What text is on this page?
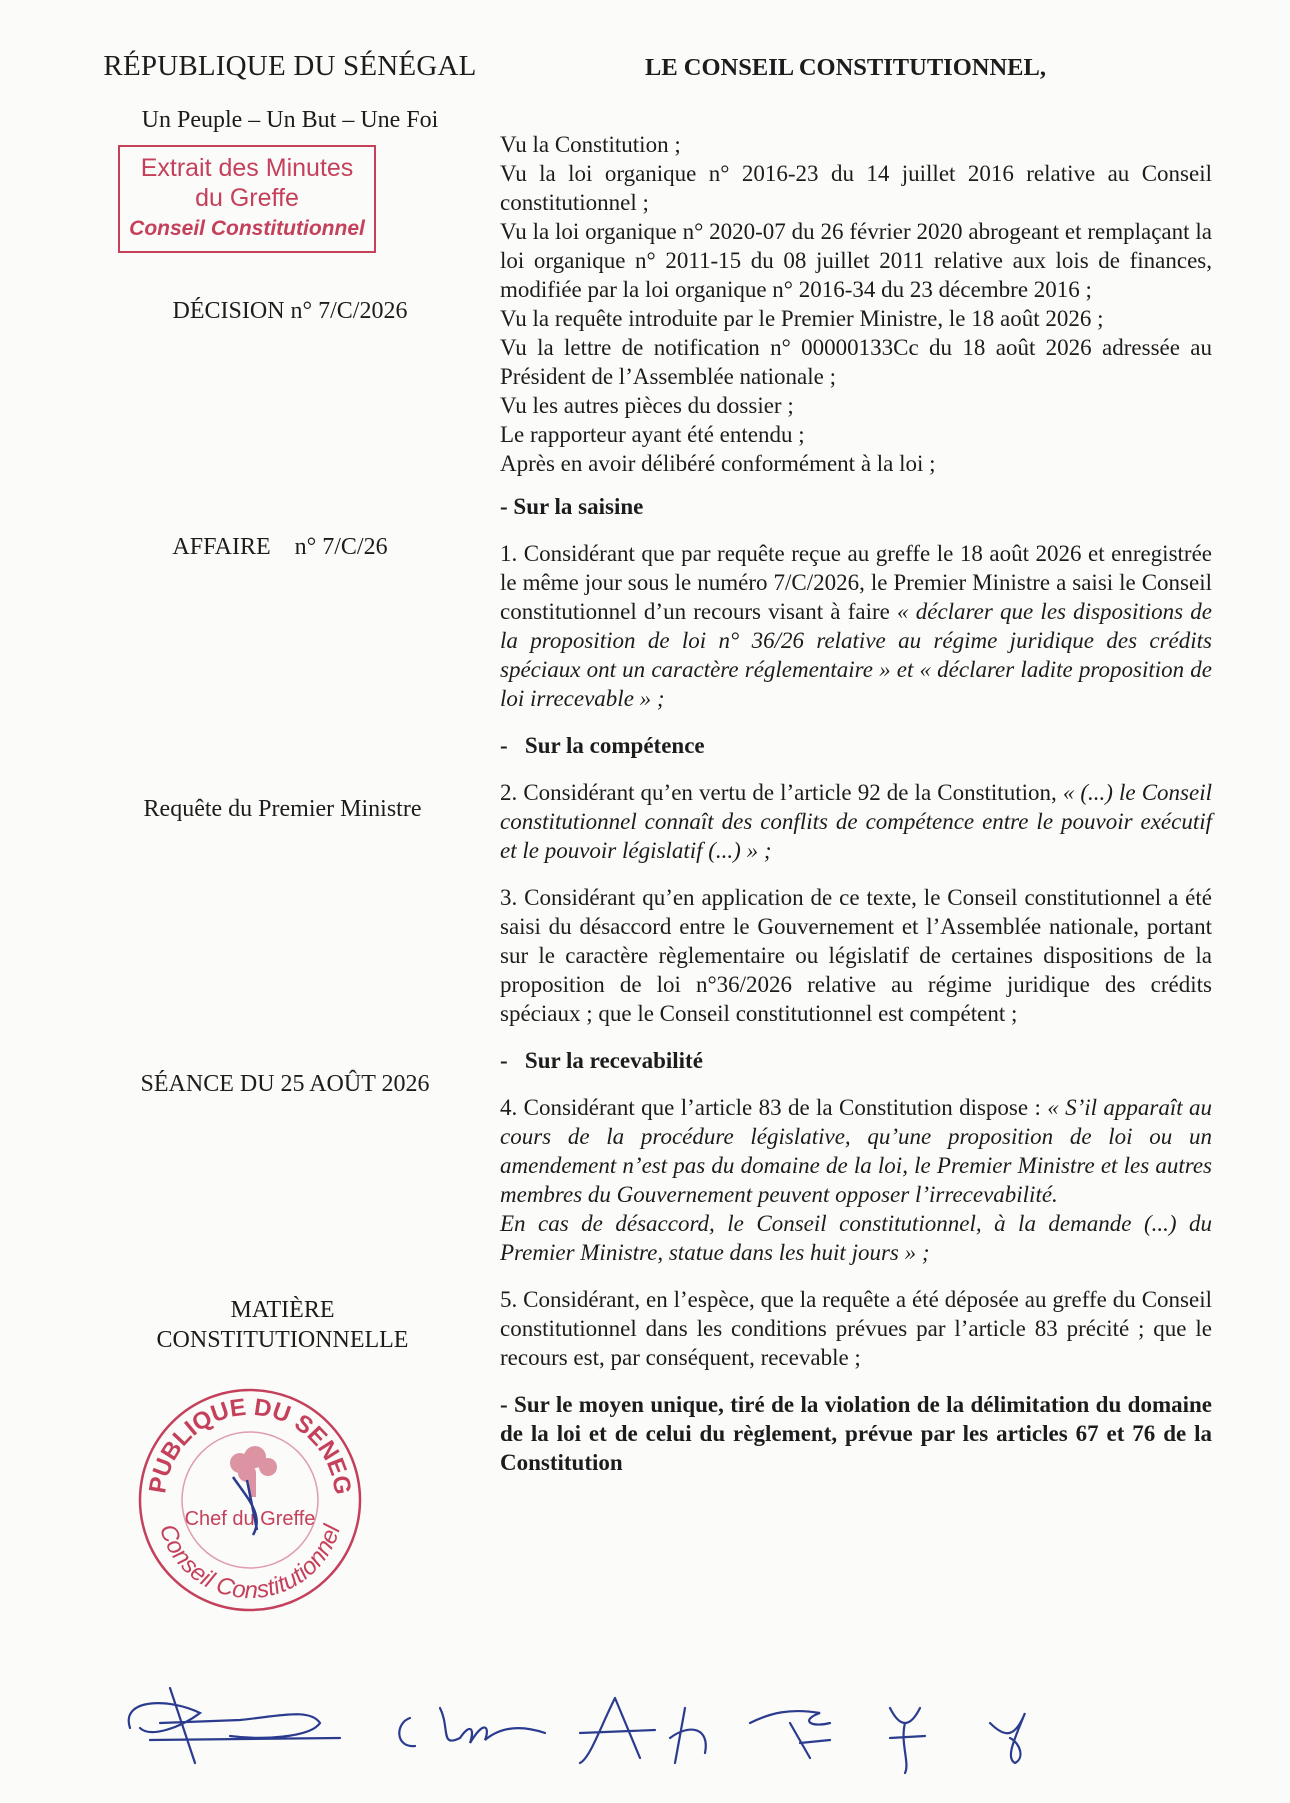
RÉPUBLIQUE DU SÉNÉGAL
Un Peuple – Un But – Une Foi
Extrait des Minutes
du Greffe
Conseil Constitutionnel
DÉCISION n° 7/C/2026
AFFAIRE    n° 7/C/26
Requête du Premier Ministre
SÉANCE DU 25 AOÛT 2026
MATIÈRE
CONSTITUTIONNELLE
PUBLIQUE DU SENEG
Conseil Constitutionnel
Chef du Greffe
LE CONSEIL CONSTITUTIONNEL,

Vu la Constitution ;

Vu la loi organique n° 2016-23 du 14 juillet 2016 relative au Conseil constitutionnel ;

Vu la loi organique n° 2020-07 du 26 février 2020 abrogeant et remplaçant la loi organique n° 2011-15 du 08 juillet 2011 relative aux lois de finances, modifiée par la loi organique n° 2016-34 du 23 décembre 2016 ;

Vu la requête introduite par le Premier Ministre, le 18 août 2026 ;

Vu la lettre de notification n° 00000133Cc du 18 août 2026 adressée au Président de l’Assemblée nationale ;

Vu les autres pièces du dossier ;

Le rapporteur ayant été entendu ;

Après en avoir délibéré conformément à la loi ;

- Sur la saisine

1. Considérant que par requête reçue au greffe le 18 août 2026 et enregistrée le même jour sous le numéro 7/C/2026, le Premier Ministre a saisi le Conseil constitutionnel d’un recours visant à faire « déclarer que les dispositions de la proposition de loi n° 36/26 relative au régime juridique des crédits spéciaux ont un caractère réglementaire » et « déclarer ladite proposition de loi irrecevable » ;

-   Sur la compétence

2. Considérant qu’en vertu de l’article 92 de la Constitution, « (...) le Conseil constitutionnel connaît des conflits de compétence entre le pouvoir exécutif et le pouvoir législatif (...) » ;

3. Considérant qu’en application de ce texte, le Conseil constitutionnel a été saisi du désaccord entre le Gouvernement et l’Assemblée nationale, portant sur le caractère règlementaire ou législatif de certaines dispositions de la proposition de loi n°36/2026 relative au régime juridique des crédits spéciaux ; que le Conseil constitutionnel est compétent ;

-   Sur la recevabilité

4. Considérant que l’article 83 de la Constitution dispose : « S’il apparaît au cours de la procédure législative, qu’une proposition de loi ou un amendement n’est pas du domaine de la loi, le Premier Ministre et les autres membres du Gouvernement peuvent opposer l’irrecevabilité.

En cas de désaccord, le Conseil constitutionnel, à la demande (...) du Premier Ministre, statue dans les huit jours » ;

5. Considérant, en l’espèce, que la requête a été déposée au greffe du Conseil constitutionnel dans les conditions prévues par l’article 83 précité ; que le recours est, par conséquent, recevable ;

- Sur le moyen unique, tiré de la violation de la délimitation du domaine de la loi et de celui du règlement, prévue par les articles 67 et 76 de la Constitution
